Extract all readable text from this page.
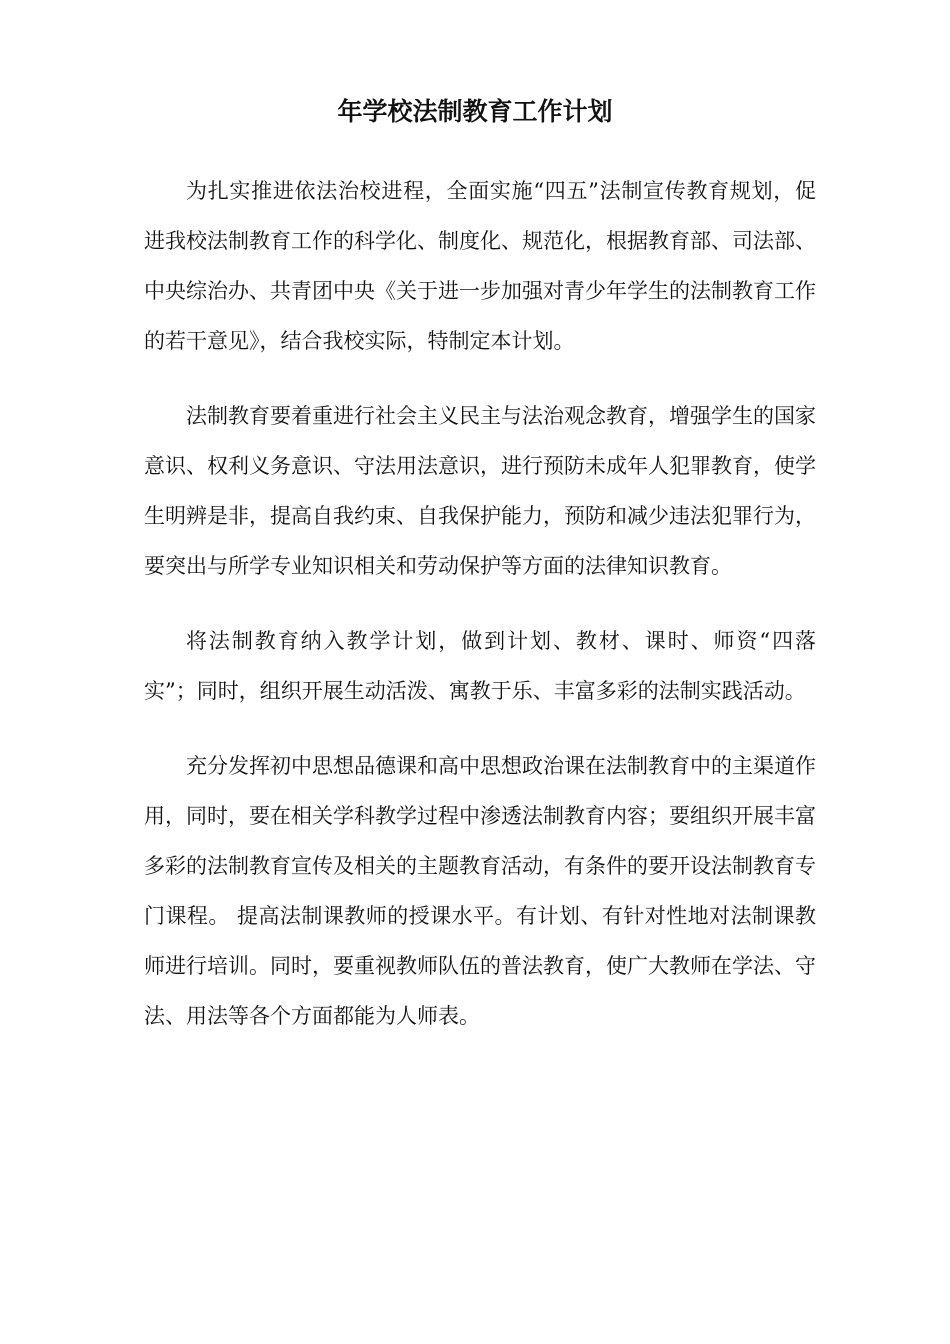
年学校法制教育工作计划

为扎实推进依法治校进程，全面实施“四五”法制宣传教育规划，促进我校法制教育工作的科学化、制度化、规范化，根据教育部、司法部、中央综治办、共青团中央《关于进一步加强对青少年学生的法制教育工作的若干意见》，结合我校实际，特制定本计划。

法制教育要着重进行社会主义民主与法治观念教育，增强学生的国家意识、权利义务意识、守法用法意识，进行预防未成年人犯罪教育，使学生明辨是非，提高自我约束、自我保护能力，预防和减少违法犯罪行为，要突出与所学专业知识相关和劳动保护等方面的法律知识教育。

将法制教育纳入教学计划，做到计划、教材、课时、师资“四落实”；同时，组织开展生动活泼、寓教于乐、丰富多彩的法制实践活动。

充分发挥初中思想品德课和高中思想政治课在法制教育中的主渠道作用，同时，要在相关学科教学过程中渗透法制教育内容；要组织开展丰富多彩的法制教育宣传及相关的主题教育活动，有条件的要开设法制教育专门课程。 提高法制课教师的授课水平。有计划、有针对性地对法制课教师进行培训。同时，要重视教师队伍的普法教育，使广大教师在学法、守法、用法等各个方面都能为人师表。
